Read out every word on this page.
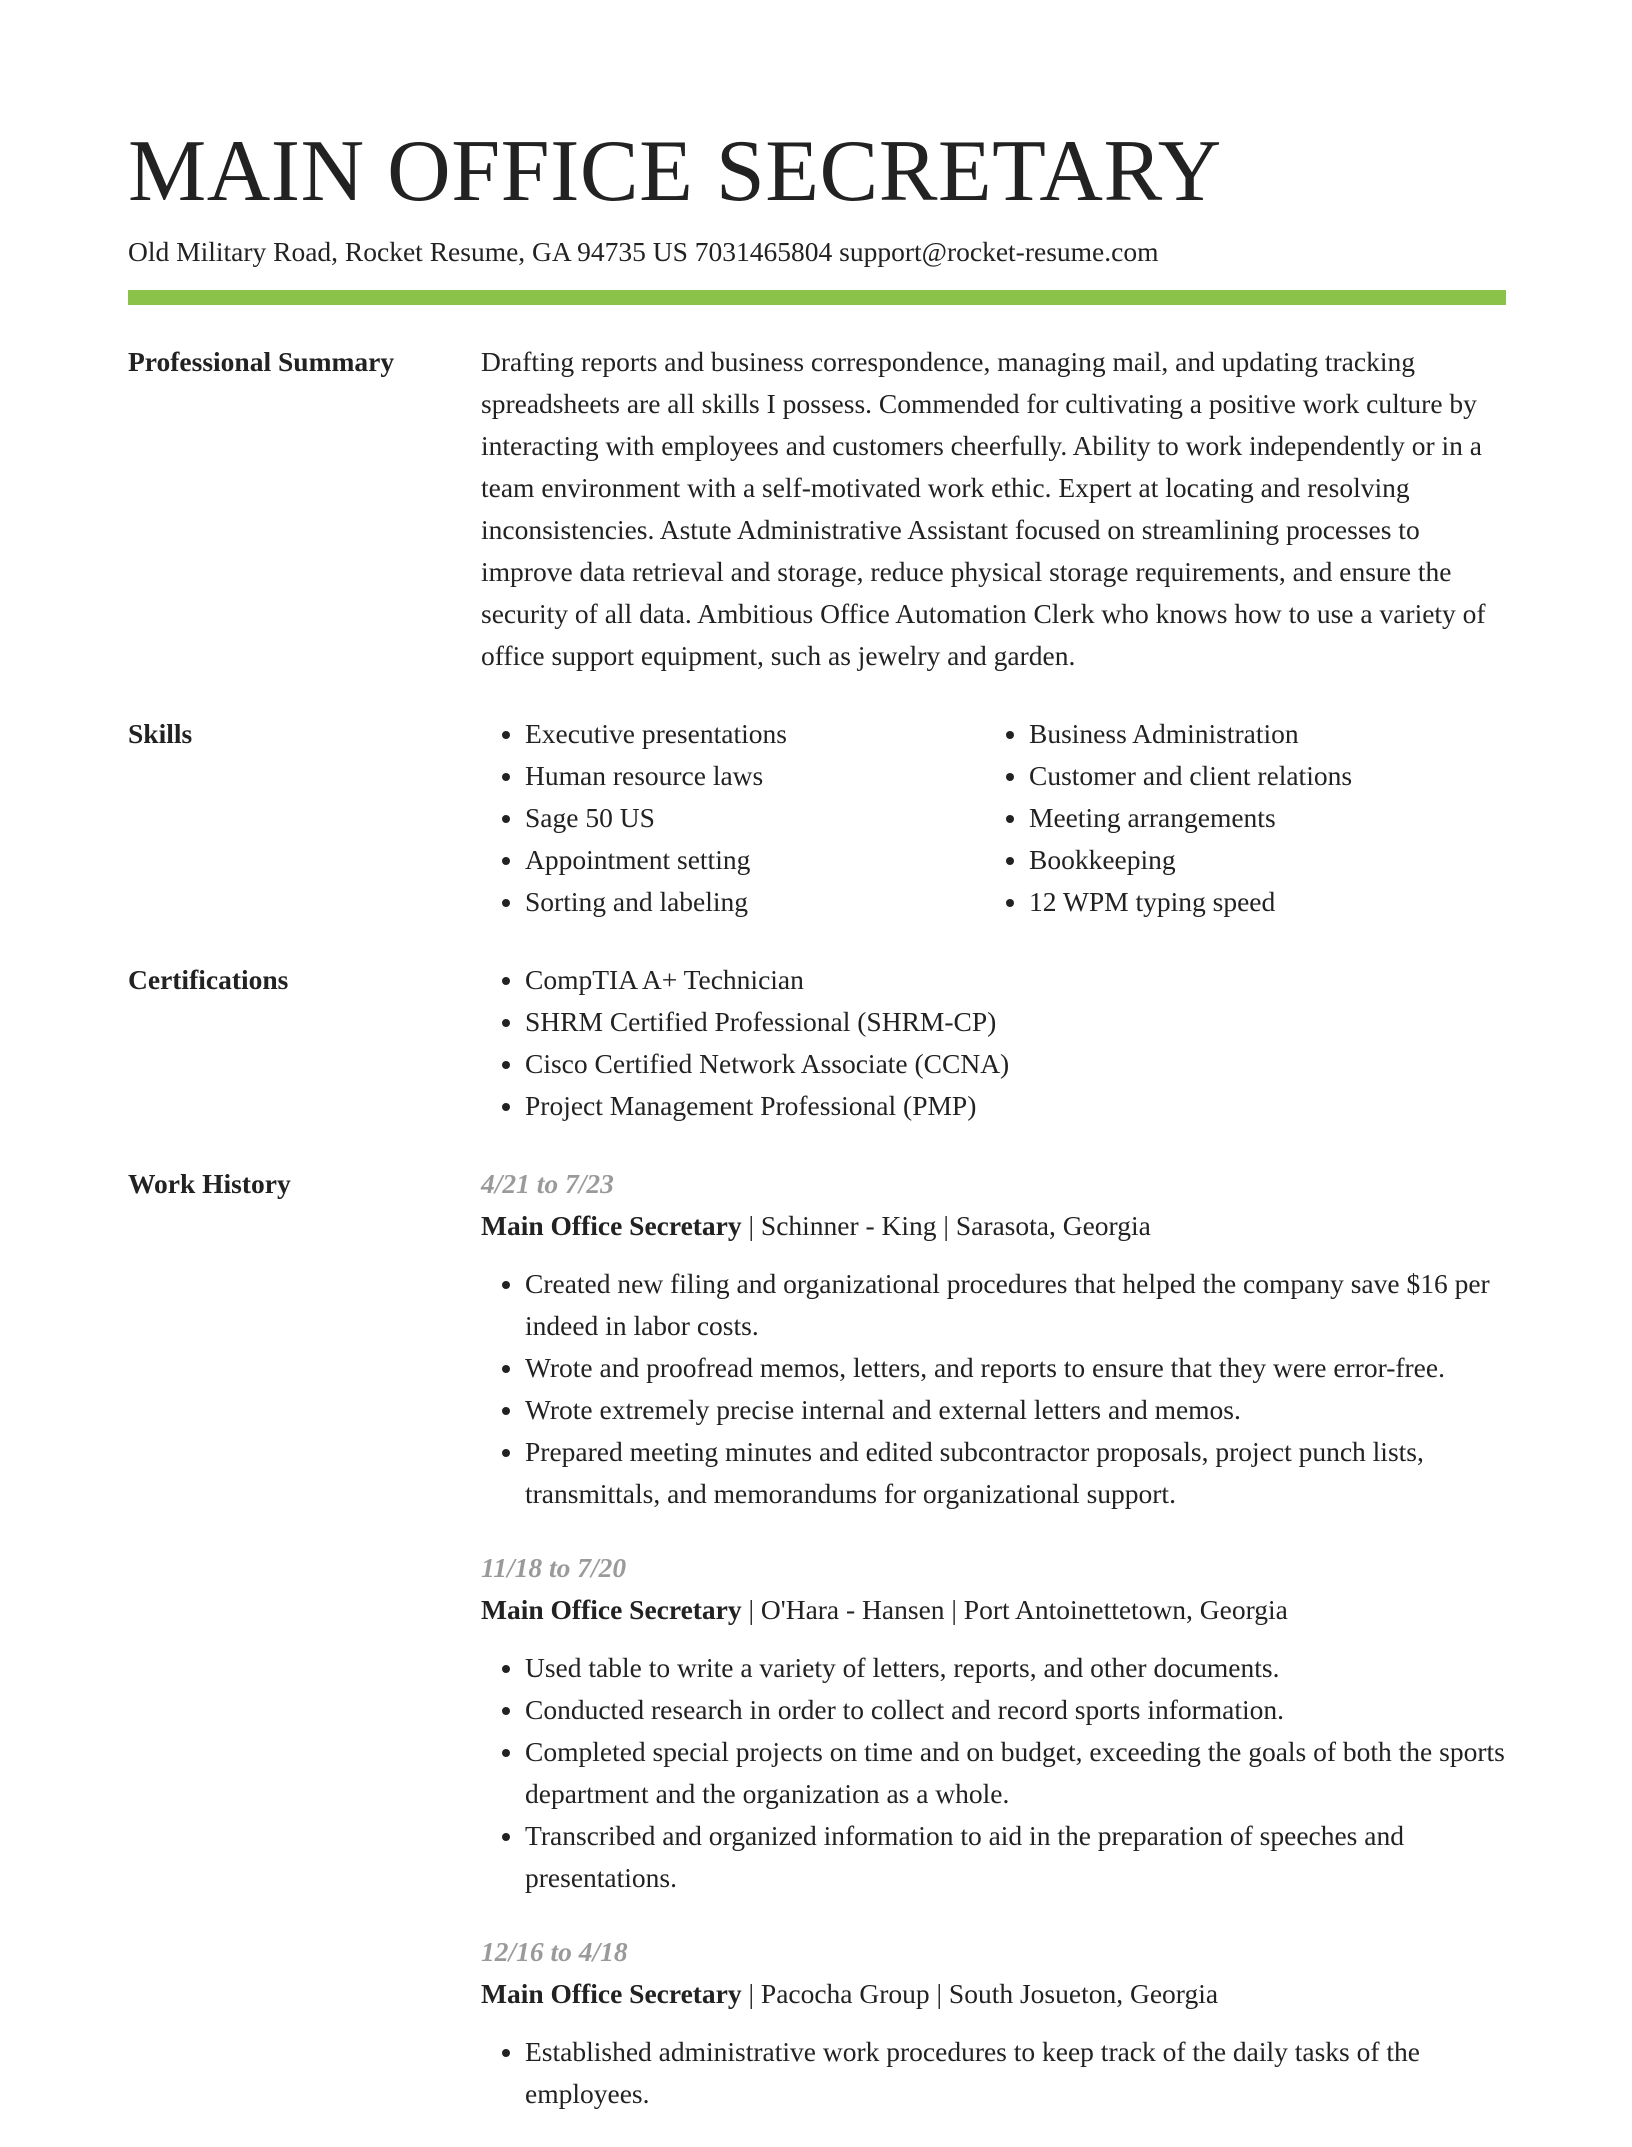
MAIN OFFICE SECRETARY
Old Military Road, Rocket Resume, GA 94735 US 7031465804 support@rocket-resume.com
Professional Summary	Drafting reports and business correspondence, managing mail, and updating tracking spreadsheets are all skills I possess. Commended for cultivating a positive work culture by interacting with employees and customers cheerfully. Ability to work independently or in a team environment with a self-motivated work ethic. Expert at locating and resolving inconsistencies. Astute Administrative Assistant focused on streamlining processes to improve data retrieval and storage, reduce physical storage requirements, and ensure the security of all data. Ambitious Office Automation Clerk who knows how to use a variety of office support equipment, such as jewelry and garden.

Skills	• Executive presentations
• Human resource laws
• Sage 50 US
• Appointment setting
• Sorting and labeling
• Business Administration
• Customer and client relations
• Meeting arrangements
• Bookkeeping
• 12 WPM typing speed
Certifications	• CompTIA A+ Technician
• SHRM Certified Professional (SHRM-CP)
• Cisco Certified Network Associate (CCNA)
• Project Management Professional (PMP)
Work History	4/21 to 7/23
Main Office Secretary | Schinner - King | Sarasota, Georgia
• Created new filing and organizational procedures that helped the company save $16 per indeed in labor costs.
• Wrote and proofread memos, letters, and reports to ensure that they were error-free.
• Wrote extremely precise internal and external letters and memos.
• Prepared meeting minutes and edited subcontractor proposals, project punch lists, transmittals, and memorandums for organizational support.
11/18 to 7/20
Main Office Secretary | O'Hara - Hansen | Port Antoinettetown, Georgia
• Used table to write a variety of letters, reports, and other documents.
• Conducted research in order to collect and record sports information.
• Completed special projects on time and on budget, exceeding the goals of both the sports department and the organization as a whole.
• Transcribed and organized information to aid in the preparation of speeches and presentations.
12/16 to 4/18
Main Office Secretary | Pacocha Group | South Josueton, Georgia
• Established administrative work procedures to keep track of the daily tasks of the employees.
